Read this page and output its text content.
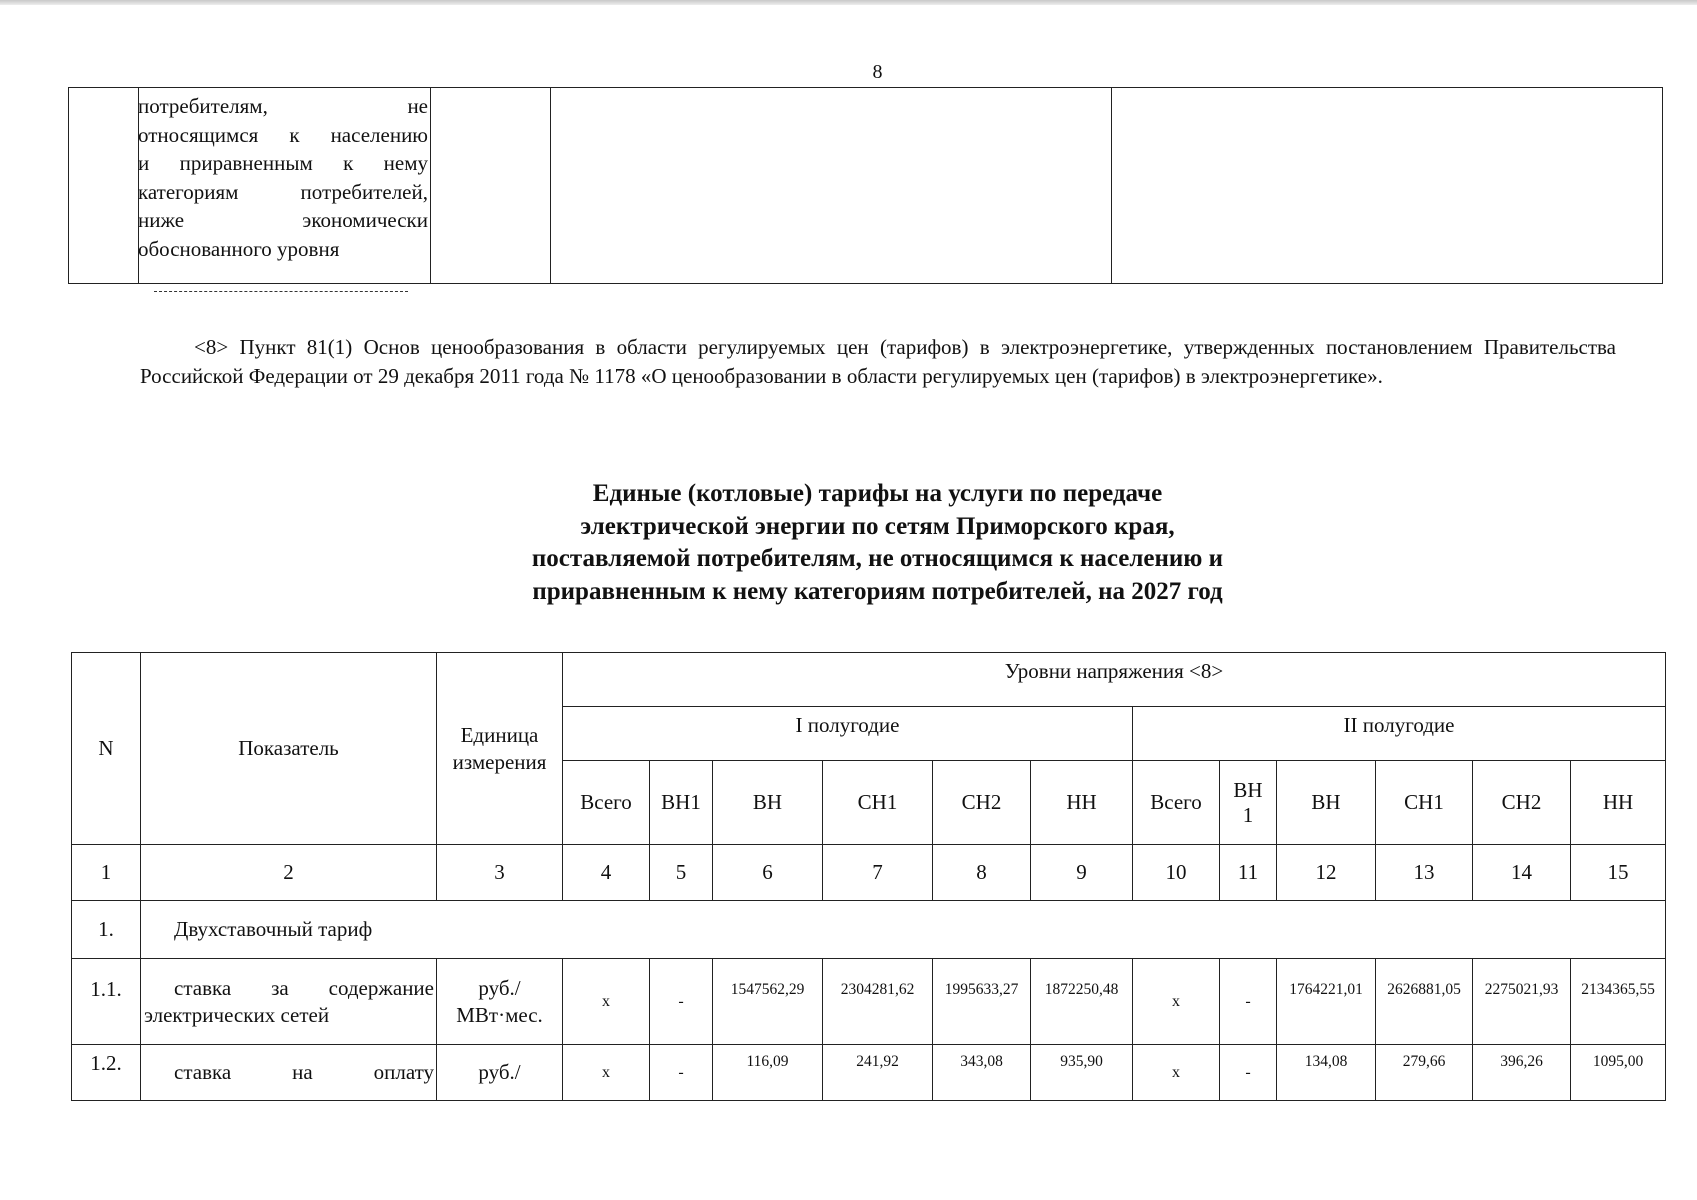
8
потребителям,	не
относящимся к населению
и приравненным к нему
категориям потребителей,
ниже экономически
обоснованного уровня
<8> Пункт 81(1) Основ ценообразования в области регулируемых цен (тарифов) в электроэнергетике, утвержденных постановлением Правительства Российской Федерации от 29 декабря 2011 года № 1178 «О ценообразовании в области регулируемых цен (тарифов) в электроэнергетике».
Единые (котловые) тарифы на услуги по передаче
электрической энергии по сетям Приморского края,
поставляемой потребителям, не относящимся к населению и
приравненным к нему категориям потребителей, на 2027 год
N	Показатель	Единица измерения	Уровни напряжения <8>											
			I полугодие						II полугодие					
			Всего	ВН1	ВН	СН1	СН2	НН	Всего	ВН 1	ВН	СН1	СН2	НН
1	2	3	4	5	6	7	8	9	10	11	12	13	14	15
1.	Двухставочный тариф													
1.1.	ставка за содержание электрических сетей	руб./ МВт·мес.	x	-	1547562,29	2304281,62	1995633,27	1872250,48	x	-	1764221,01	2626881,05	2275021,93	2134365,55
1.2.	ставка на оплату	руб./	x	-	116,09	241,92	343,08	935,90	x	-	134,08	279,66	396,26	1095,00
